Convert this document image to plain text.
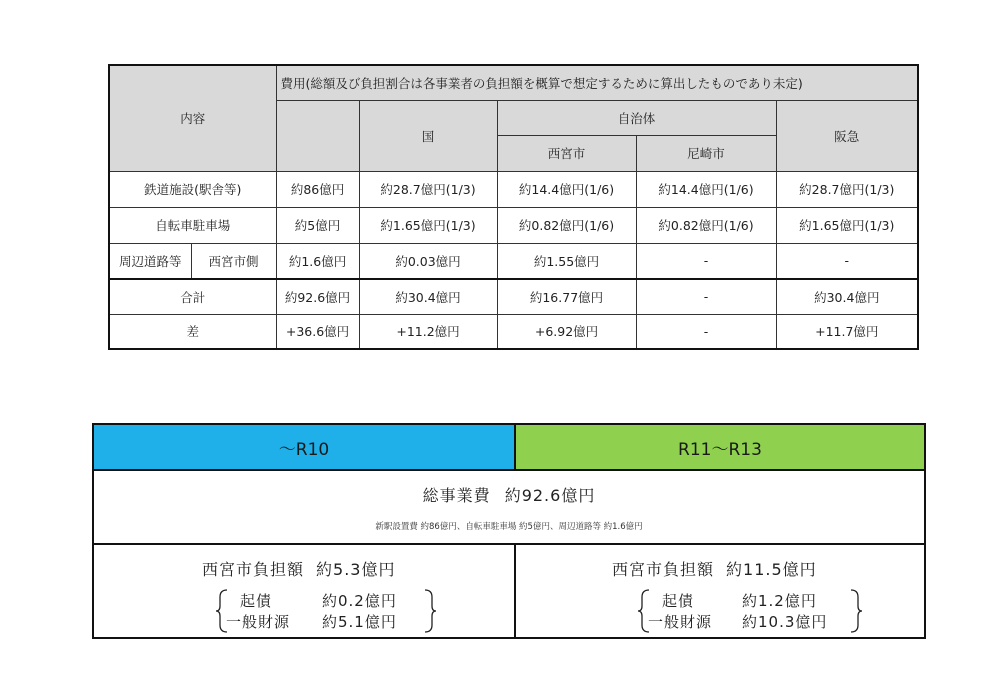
内容		費用(総額及び負担割合は各事業者の負担額を概算で想定するために算出したものであり未定)				
			国	自治体		阪急
				西宮市	尼崎市	
鉄道施設(駅舎等)		約86億円	約28.7億円(1/3)	約14.4億円(1/6)	約14.4億円(1/6)	約28.7億円(1/3)
自転車駐車場		約5億円	約1.65億円(1/3)	約0.82億円(1/6)	約0.82億円(1/6)	約1.65億円(1/3)
周辺道路等	西宮市側	約1.6億円	約0.03億円	約1.55億円	-	-
合計		約92.6億円	約30.4億円	約16.77億円	-	約30.4億円
差		+36.6億円	+11.2億円	+6.92億円	-	+11.7億円
～R10	R11～R13
総事業費 約92.6億円
新駅設置費 約86億円、自転車駐車場 約5億円、周辺道路等 約1.6億円
西宮市負担額 約5.3億円
起債	約0.2億円
一般財源 約5.1億円
西宮市負担額 約11.5億円
起債	約1.2億円
一般財源 約10.3億円
